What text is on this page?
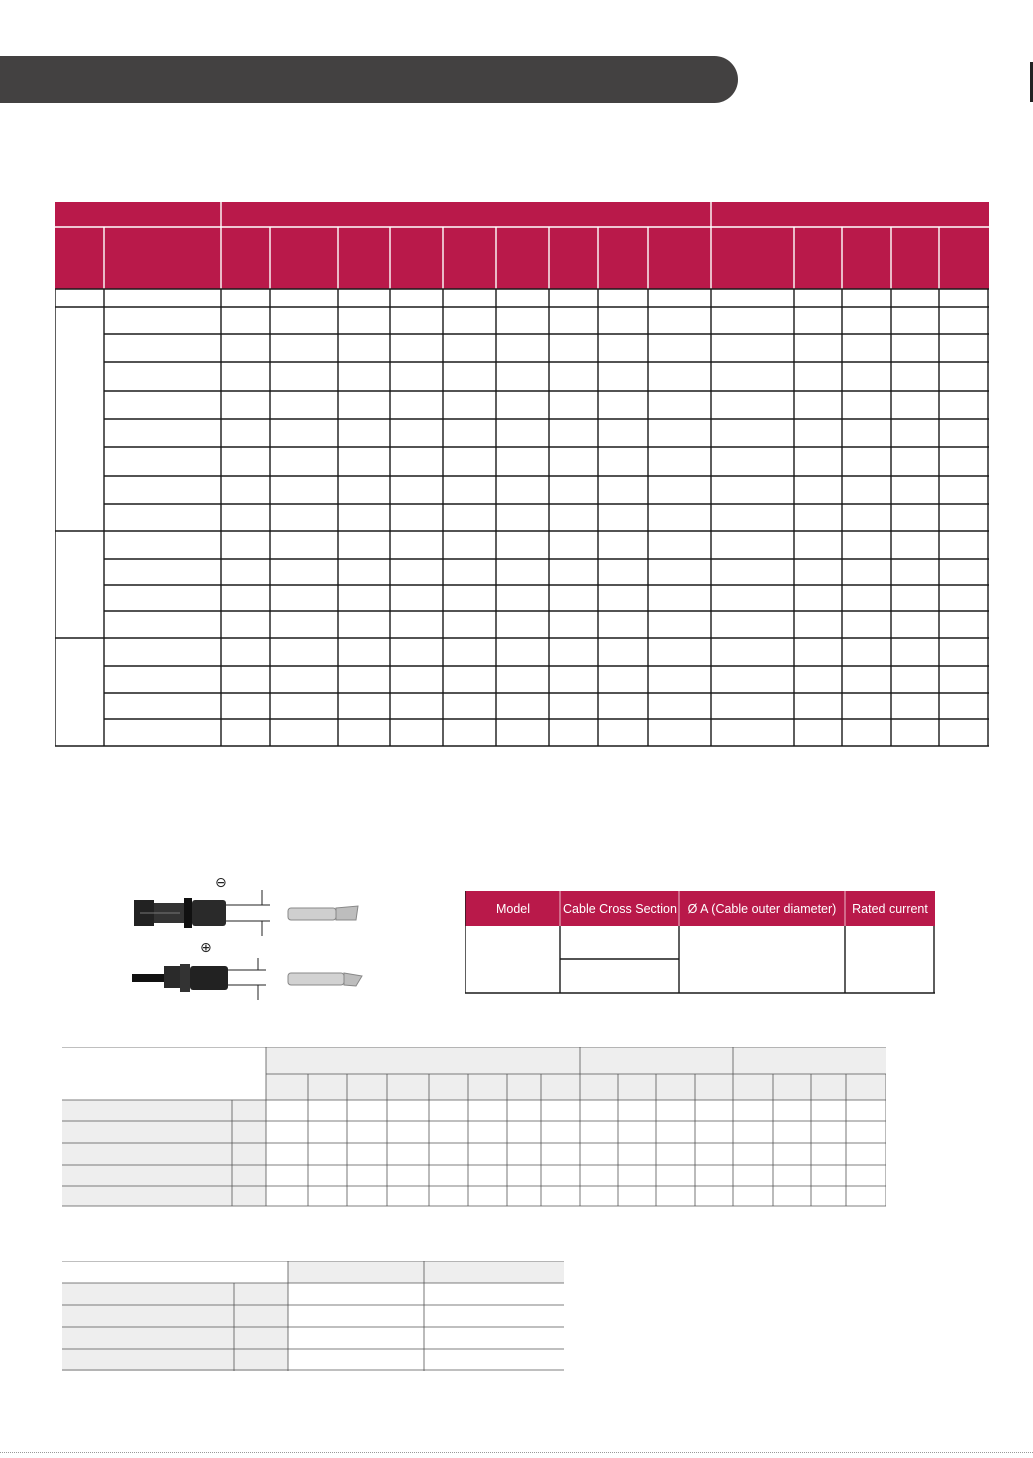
⊖
⊕
Model	Cable Cross Section Ø A (Cable outer diameter) Rated current
